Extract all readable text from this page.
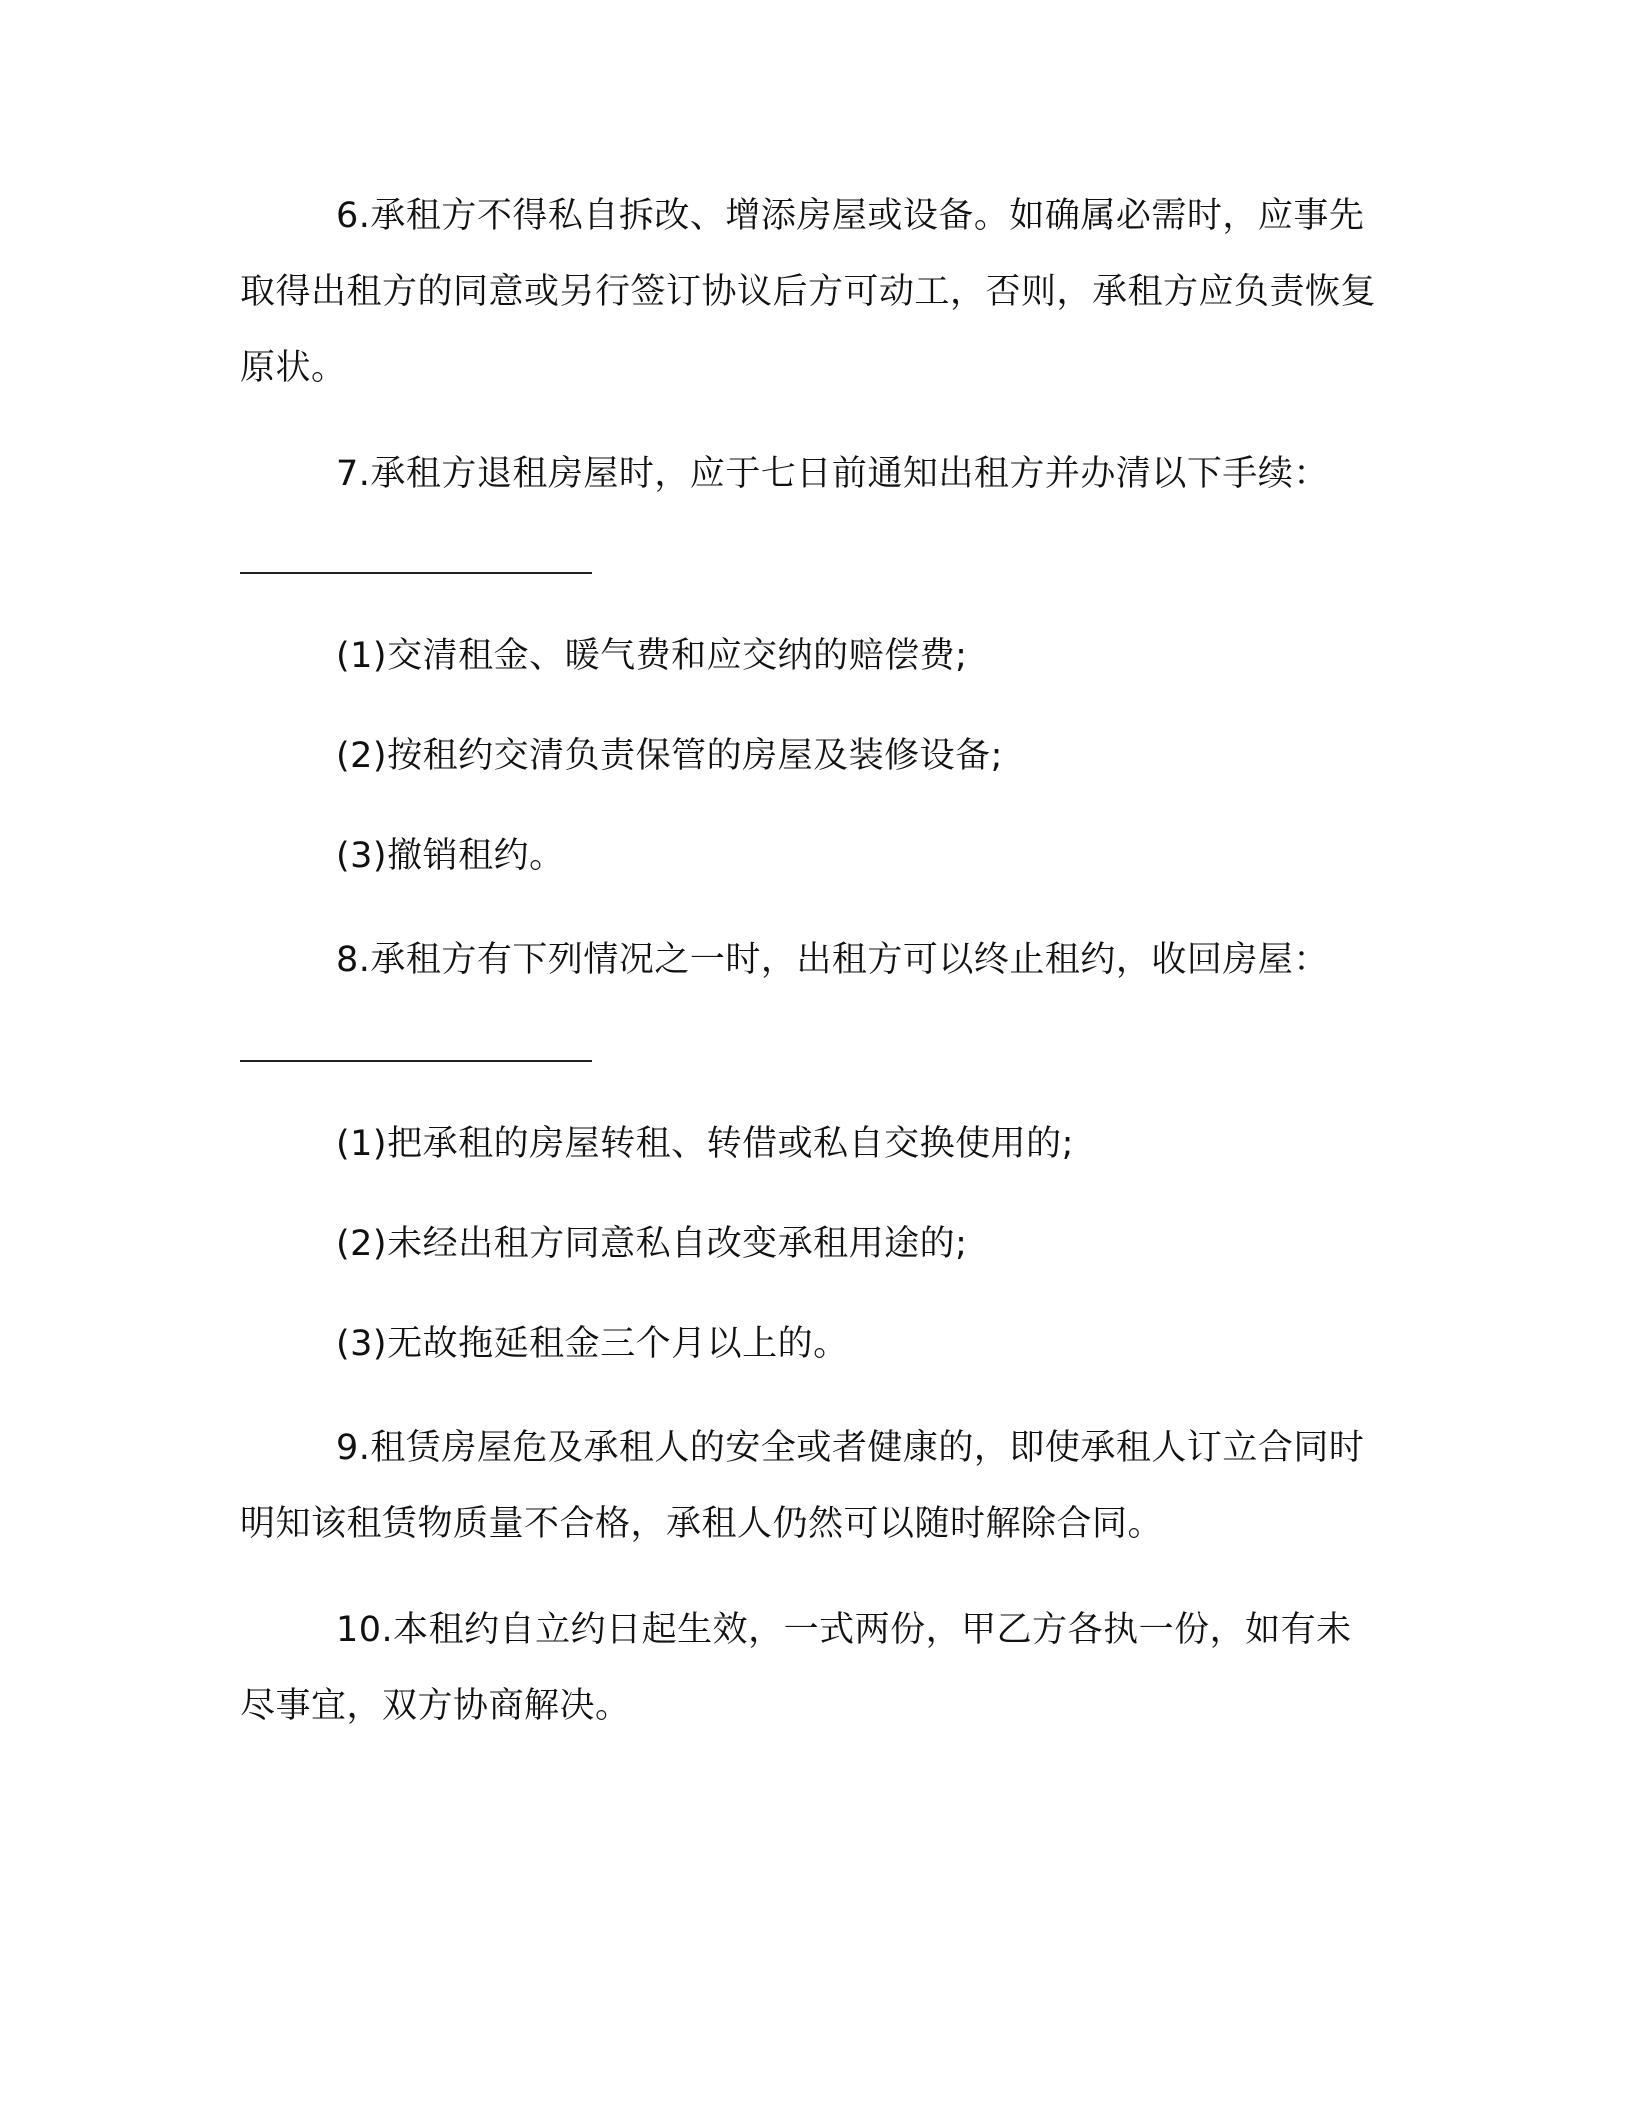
6.承租方不得私自拆改、增添房屋或设备。如确属必需时，应事先取得出租方的同意或另行签订协议后方可动工，否则，承租方应负责恢复原状。

7.承租方退租房屋时，应于七日前通知出租方并办清以下手续：

(1)交清租金、暖气费和应交纳的赔偿费;

(2)按租约交清负责保管的房屋及装修设备;

(3)撤销租约。

8.承租方有下列情况之一时，出租方可以终止租约，收回房屋：

(1)把承租的房屋转租、转借或私自交换使用的;

(2)未经出租方同意私自改变承租用途的;

(3)无故拖延租金三个月以上的。

9.租赁房屋危及承租人的安全或者健康的，即使承租人订立合同时明知该租赁物质量不合格，承租人仍然可以随时解除合同。

10.本租约自立约日起生效，一式两份，甲乙方各执一份，如有未尽事宜，双方协商解决。
